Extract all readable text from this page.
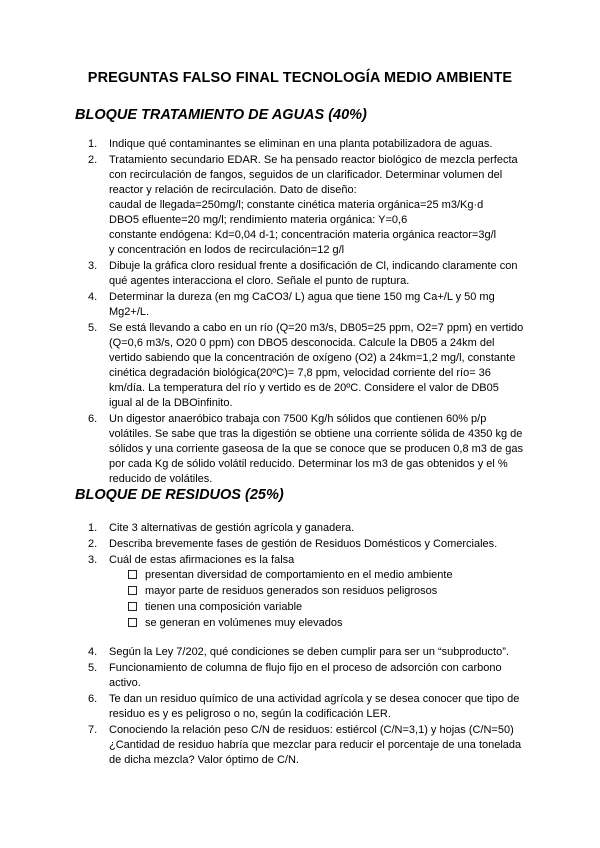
PREGUNTAS FALSO FINAL TECNOLOGÍA MEDIO AMBIENTE
BLOQUE TRATAMIENTO DE AGUAS (40%)
1. Indique qué contaminantes se eliminan en una planta potabilizadora de aguas.
2. Tratamiento secundario EDAR. Se ha pensado reactor biológico de mezcla perfecta
con recirculación de fangos, seguidos de un clarificador. Determinar volumen del
reactor y relación de recirculación. Dato de diseño:
caudal de llegada=250mg/l; constante cinética materia orgánica=25 m3/Kg·d
DBO5 efluente=20 mg/l; rendimiento materia orgánica: Y=0,6
constante endógena: Kd=0,04 d-1; concentración materia orgánica reactor=3g/l
y concentración en lodos de recirculación=12 g/l
3. Dibuje la gráfica cloro residual frente a dosificación de Cl, indicando claramente con
qué agentes interacciona el cloro. Señale el punto de ruptura.
4. Determinar la dureza (en mg CaCO3/ L) agua que tiene 150 mg Ca+/L y 50 mg
Mg2+/L.
5. Se está llevando a cabo en un río (Q=20 m3/s, DB05=25 ppm, O2=7 ppm) en vertido
(Q=0,6 m3/s, O20 0 ppm) con DBO5 desconocida. Calcule la DB05 a 24km del
vertido sabiendo que la concentración de oxígeno (O2) a 24km=1,2 mg/l, constante
cinética degradación biológica(20ºC)= 7,8 ppm, velocidad corriente del río= 36
km/día. La temperatura del río y vertido es de 20ºC. Considere el valor de DB05
igual al de la DBOinfinito.
6. Un digestor anaeróbico trabaja con 7500 Kg/h sólidos que contienen 60% p/p
volátiles. Se sabe que tras la digestión se obtiene una corriente sólida de 4350 kg de
sólidos y una corriente gaseosa de la que se conoce que se producen 0,8 m3 de gas
por cada Kg de sólido volátil reducido. Determinar los m3 de gas obtenidos y el %
reducido de volátiles.
BLOQUE DE RESIDUOS (25%)
1. Cite 3 alternativas de gestión agrícola y ganadera.
2. Describa brevemente fases de gestión de Residuos Domésticos y Comerciales.
3. Cuál de estas afirmaciones es la falsa
presentan diversidad de comportamiento en el medio ambiente
mayor parte de residuos generados son residuos peligrosos
tienen una composición variable
se generan en volúmenes muy elevados
4. Según la Ley 7/202, qué condiciones se deben cumplir para ser un “subproducto”.
5. Funcionamiento de columna de flujo fijo en el proceso de adsorción con carbono
activo.
6. Te dan un residuo químico de una actividad agrícola y se desea conocer que tipo de
residuo es y es peligroso o no, según la codificación LER.
7. Conociendo la relación peso C/N de residuos: estiércol (C/N=3,1) y hojas (C/N=50)
¿Cantidad de residuo habría que mezclar para reducir el porcentaje de una tonelada
de dicha mezcla? Valor óptimo de C/N.
